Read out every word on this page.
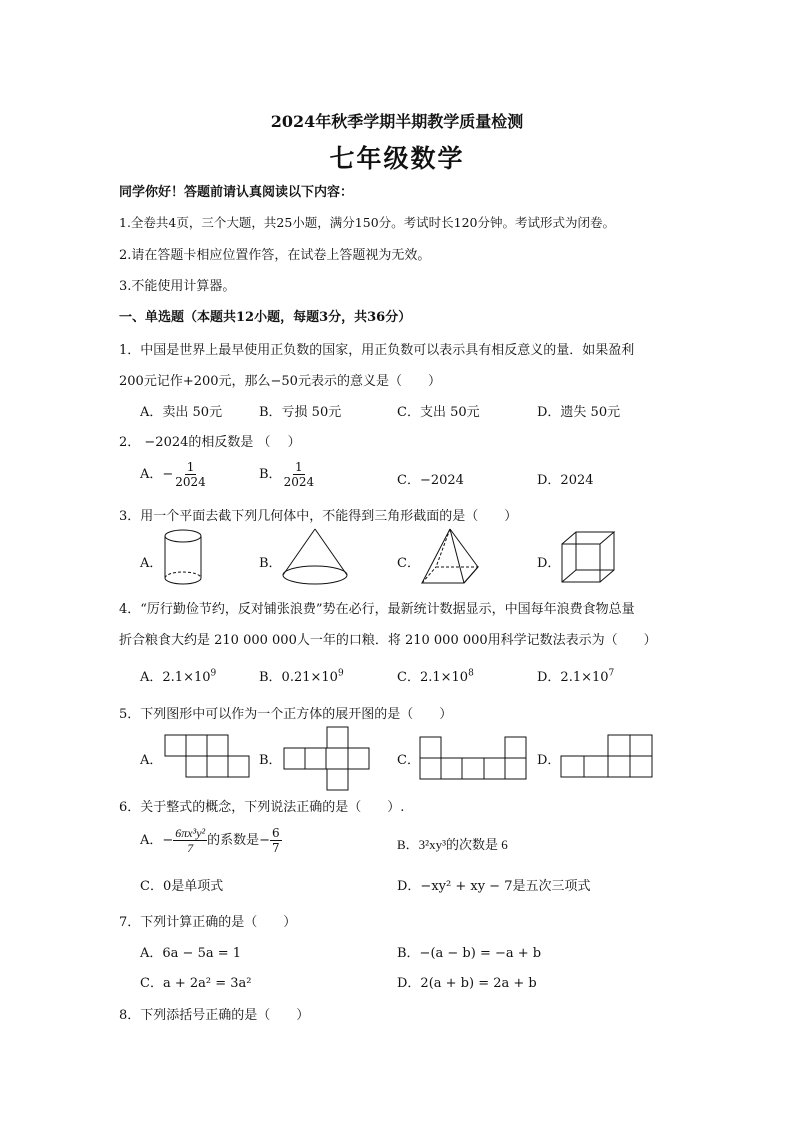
2024年秋季学期半期教学质量检测
七年级数学
同学你好！答题前请认真阅读以下内容：
1.全卷共4页，三个大题，共25小题，满分150分。考试时长120分钟。考试形式为闭卷。
2.请在答题卡相应位置作答，在试卷上答题视为无效。
3.不能使用计算器。
一、单选题（本题共12小题，每题3分，共36分）
1．中国是世界上最早使用正负数的国家，用正负数可以表示具有相反意义的量．如果盈利
200元记作+200元，那么−50元表示的意义是（　　）
A．卖出 50元	B．亏损 50元	C．支出 50元	D．遗失 50元
2． −2024的相反数是 （　 ）
A．− $\frac{1}{2024}$	B． $\frac{1}{2024}$	C．−2024	D．2024
3．用一个平面去截下列几何体中，不能得到三角形截面的是（　　）
A．	B．	C．	D．
4．“厉行勤俭节约，反对铺张浪费”势在必行，最新统计数据显示，中国每年浪费食物总量
折合粮食大约是 210 000 000人一年的口粮．将 210 000 000用科学记数法表示为（　　）
A．$2.1\times 10^9$	B．$0.21\times 10^9$	C．$2.1\times 10^8$	D．$2.1\times 10^7$
5．下列图形中可以作为一个正方体的展开图的是（　　）
A．	B．	C．	D．
6．关于整式的概念，下列说法正确的是（　　）.
A．− $\frac{\text{6πx³y²}}{7}$ 的系数是− $\frac{6}{7}$	B．3²xy³的次数是 6
C．0是单项式	D．−xy² + xy − 7是五次三项式
7．下列计算正确的是（　　）
A．6a − 5a = 1	B．−(a − b) = −a + b
C．a + 2a² = 3a²	D．2(a + b) = 2a + b
8．下列添括号正确的是（　　）
